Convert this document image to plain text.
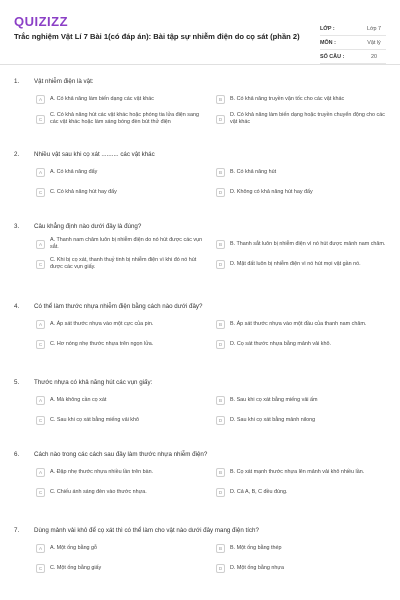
QUIZIZZ
Trắc nghiệm Vật Lí 7 Bài 1(có đáp án): Bài tập sự nhiễm điện do cọ sát (phần 2)
LỚP :	Lớp 7
MÔN :	Vật lý
SỐ CÂU :	20
1.	Vật nhiễm điện là vật:
A	A. Có khả năng làm biến dạng các vật khác	B	B. Có khả năng truyền vận tốc cho các vật khác
C
C. Có khả năng hút các vật khác hoặc phóng tia lửa điện sang các vật khác hoặc làm sáng bóng đèn bút thử điện	D
D. Có khả năng làm biến dạng hoặc truyền chuyển động cho các vật khác
2.	Nhiều vật sau khi cọ xát .......... các vật khác
A	A. Có khả năng đẩy	B	B. Có khả năng hút
C	C. Có khả năng hút hay đẩy	D	D. Không có khả năng hút hay đẩy
3.	Câu khẳng định nào dưới đây là đúng?
A
A. Thanh nam châm luôn bị nhiễm điện do nó hút được các vụn sắt.	B	B. Thanh sắt luôn bị nhiễm điện vì nó hút được mảnh nam châm.
C
C. Khi bị cọ xát, thanh thuỷ tinh bị nhiễm điện vì khi đó nó hút được các vụn giấy.	D	D. Mặt đất luôn bị nhiễm điện vì nó hút mọi vật gần nó.
4.	Có thể làm thước nhựa nhiễm điện bằng cách nào dưới đây?
A	A. Áp sát thước nhựa vào một cực của pin.	B	B. Áp sát thước nhựa vào một đầu của thanh nam châm.
C	C. Hơ nóng nhẹ thước nhựa trên ngọn lửa.	D	D. Cọ sát thước nhựa bằng mảnh vải khô.
5.	Thước nhựa có khả năng hút các vụn giấy:
A	A. Mà không cần cọ xát	B	B. Sau khi cọ xát bằng miếng vải ấm
C	C. Sau khi cọ xát bằng miếng vải khô	D	D. Sau khi cọ xát bằng mảnh nilong
6.	Cách nào trong các cách sau đây làm thước nhựa nhiễm điện?
A	A. Đập nhẹ thước nhựa nhiều lần trên bàn.	B	B. Cọ xát mạnh thước nhựa lên mảnh vải khô nhiều lần.
C	C. Chiếu ánh sáng đèn vào thước nhựa.	D	D. Cả A, B, C đều đúng.
7.	Dùng mảnh vải khô để cọ xát thì có thể làm cho vật nào dưới đây mang điện tích?
A	A. Một ống bằng gỗ	B	B. Một ống bằng thép
C	C. Một ống bằng giấy	D	D. Một ống bằng nhựa
